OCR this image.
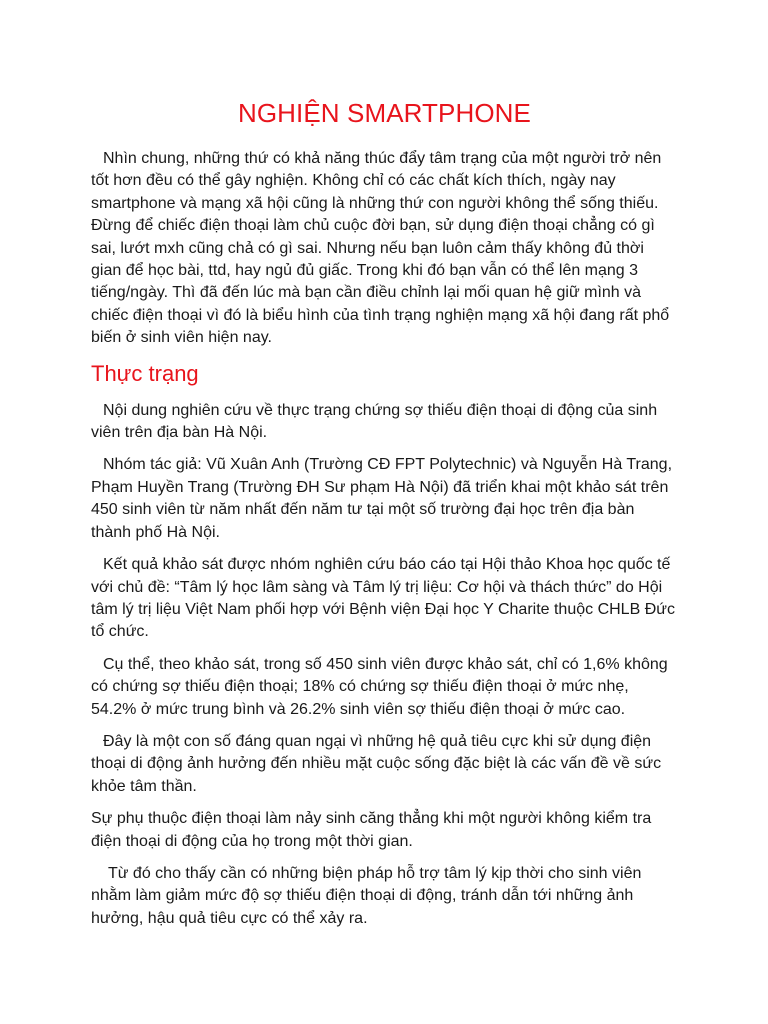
NGHIỆN SMARTPHONE

Nhìn chung, những thứ có khả năng thúc đẩy tâm trạng của một người trở nên tốt hơn đều có thể gây nghiện. Không chỉ có các chất kích thích, ngày nay smartphone và mạng xã hội cũng là những thứ con người không thể sống thiếu. Đừng để chiếc điện thoại làm chủ cuộc đời bạn, sử dụng điện thoại chẳng có gì sai, lướt mxh cũng chả có gì sai. Nhưng nếu bạn luôn cảm thấy không đủ thời gian để học bài, ttd, hay ngủ đủ giấc. Trong khi đó bạn vẫn có thể lên mạng 3 tiếng/ngày. Thì đã đến lúc mà bạn cần điều chỉnh lại mối quan hệ giữ mình và chiếc điện thoại vì đó là biểu hình của tình trạng nghiện mạng xã hội đang rất phổ biến ở sinh viên hiện nay.

Thực trạng

Nội dung nghiên cứu về thực trạng chứng sợ thiếu điện thoại di động của sinh viên trên địa bàn Hà Nội.

Nhóm tác giả: Vũ Xuân Anh (Trường CĐ FPT Polytechnic) và Nguyễn Hà Trang, Phạm Huyền Trang (Trường ĐH Sư phạm Hà Nội) đã triển khai một khảo sát trên 450 sinh viên từ năm nhất đến năm tư tại một số trường đại học trên địa bàn thành phố Hà Nội.

Kết quả khảo sát được nhóm nghiên cứu báo cáo tại Hội thảo Khoa học quốc tế với chủ đề: “Tâm lý học lâm sàng và Tâm lý trị liệu: Cơ hội và thách thức” do Hội tâm lý trị liệu Việt Nam phối hợp với Bệnh viện Đại học Y Charite thuộc CHLB Đức tổ chức.

Cụ thể, theo khảo sát, trong số 450 sinh viên được khảo sát, chỉ có 1,6% không có chứng sợ thiếu điện thoại; 18% có chứng sợ thiếu điện thoại ở mức nhẹ, 54.2% ở mức trung bình và 26.2% sinh viên sợ thiếu điện thoại ở mức cao.

Đây là một con số đáng quan ngại vì những hệ quả tiêu cực khi sử dụng điện thoại di động ảnh hưởng đến nhiều mặt cuộc sống đặc biệt là các vấn đề về sức khỏe tâm thần.

Sự phụ thuộc điện thoại làm nảy sinh căng thẳng khi một người không kiểm tra điện thoại di động của họ trong một thời gian.

Từ đó cho thấy cần có những biện pháp hỗ trợ tâm lý kịp thời cho sinh viên nhằm làm giảm mức độ sợ thiếu điện thoại di động, tránh dẫn tới những ảnh hưởng, hậu quả tiêu cực có thể xảy ra.
